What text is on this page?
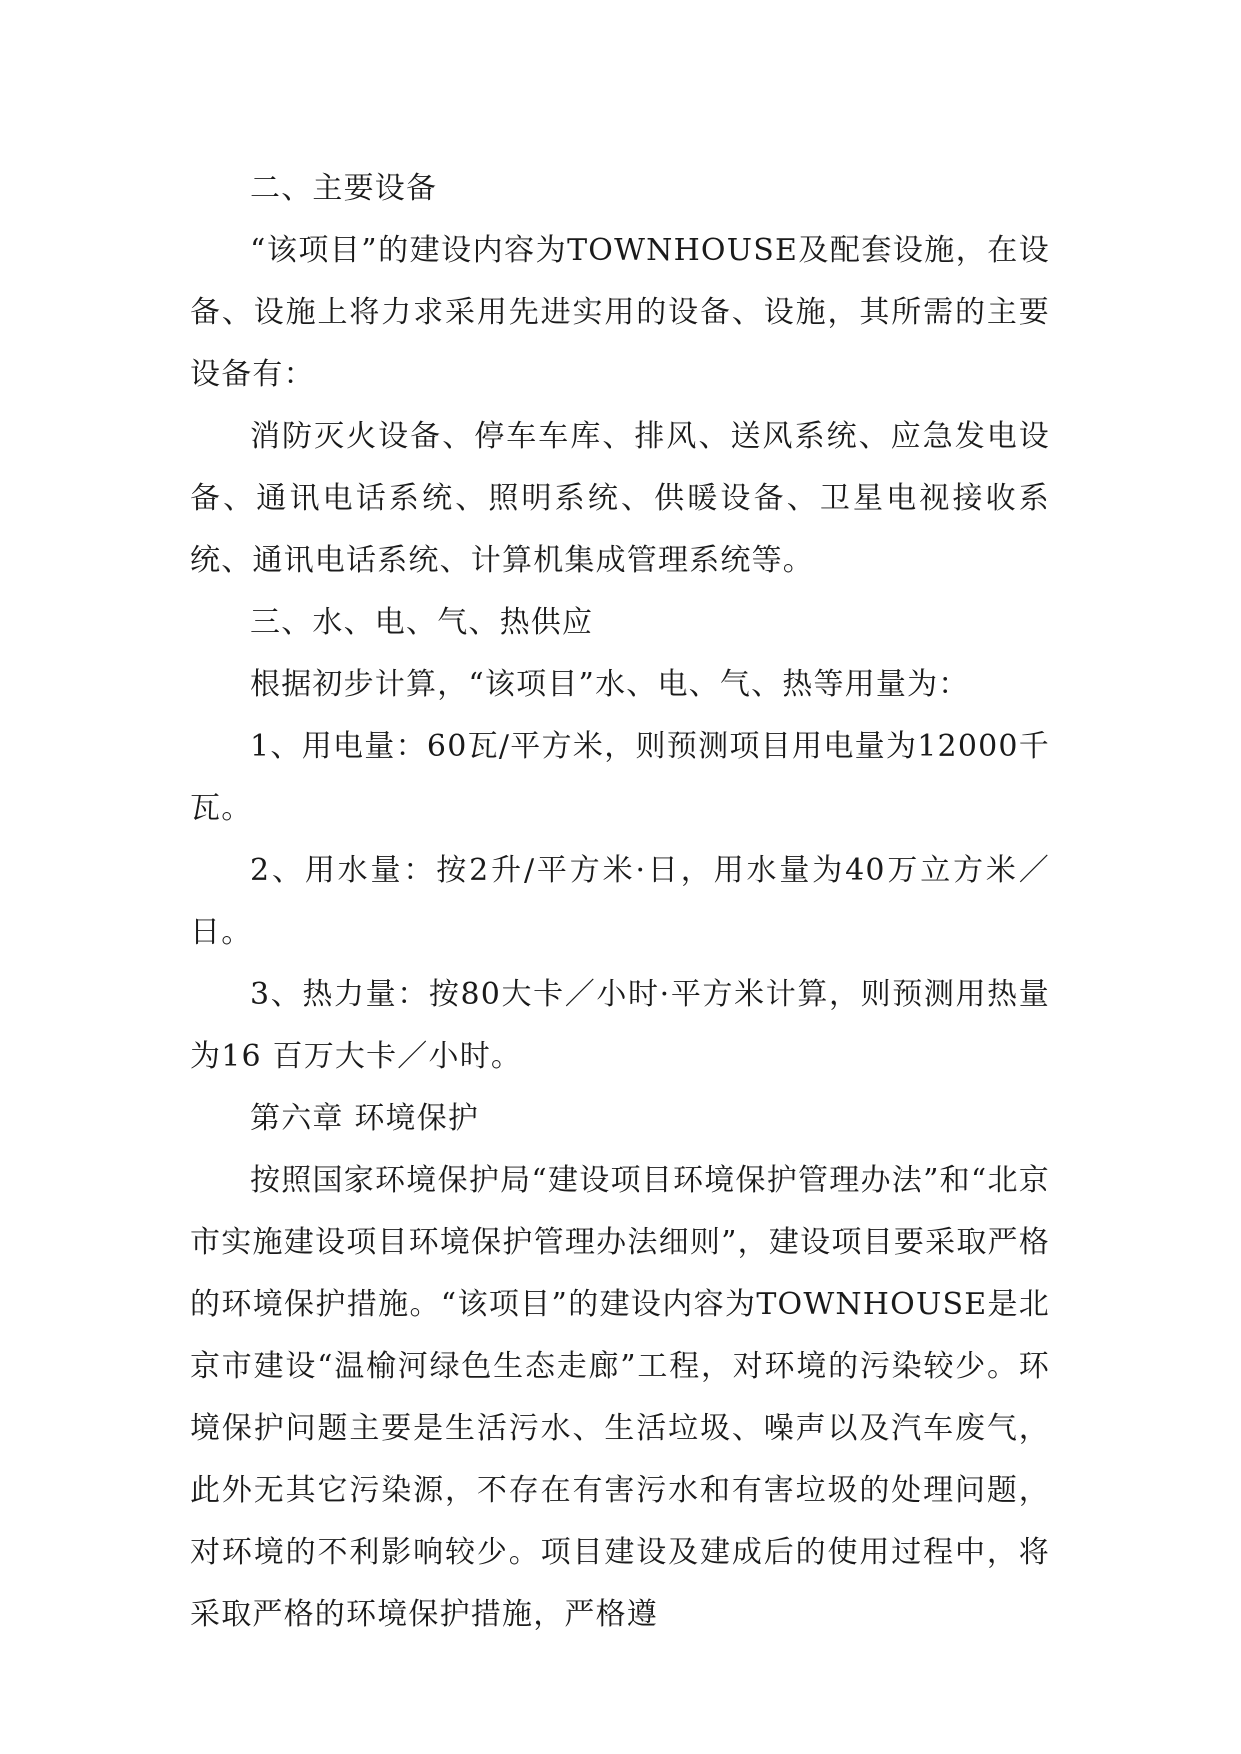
二、主要设备

“该项目”的建设内容为TOWNHOUSE及配套设施，在设备、设施上将力求采用先进实用的设备、设施，其所需的主要设备有：

消防灭火设备、停车车库、排风、送风系统、应急发电设备、通讯电话系统、照明系统、供暖设备、卫星电视接收系统、通讯电话系统、计算机集成管理系统等。

三、水、电、气、热供应

根据初步计算，“该项目”水、电、气、热等用量为：

1、用电量：60瓦/平方米，则预测项目用电量为12000千瓦。

2、用水量：按2升/平方米·日，用水量为40万立方米／日。

3、热力量：按80大卡／小时·平方米计算，则预测用热量为16 百万大卡／小时。

第六章 环境保护

按照国家环境保护局“建设项目环境保护管理办法”和“北京市实施建设项目环境保护管理办法细则”，建设项目要采取严格的环境保护措施。“该项目”的建设内容为TOWNHOUSE是北京市建设“温榆河绿色生态走廊”工程，对环境的污染较少。环境保护问题主要是生活污水、生活垃圾、噪声以及汽车废气，此外无其它污染源，不存在有害污水和有害垃圾的处理问题，对环境的不利影响较少。项目建设及建成后的使用过程中，将采取严格的环境保护措施，严格遵
